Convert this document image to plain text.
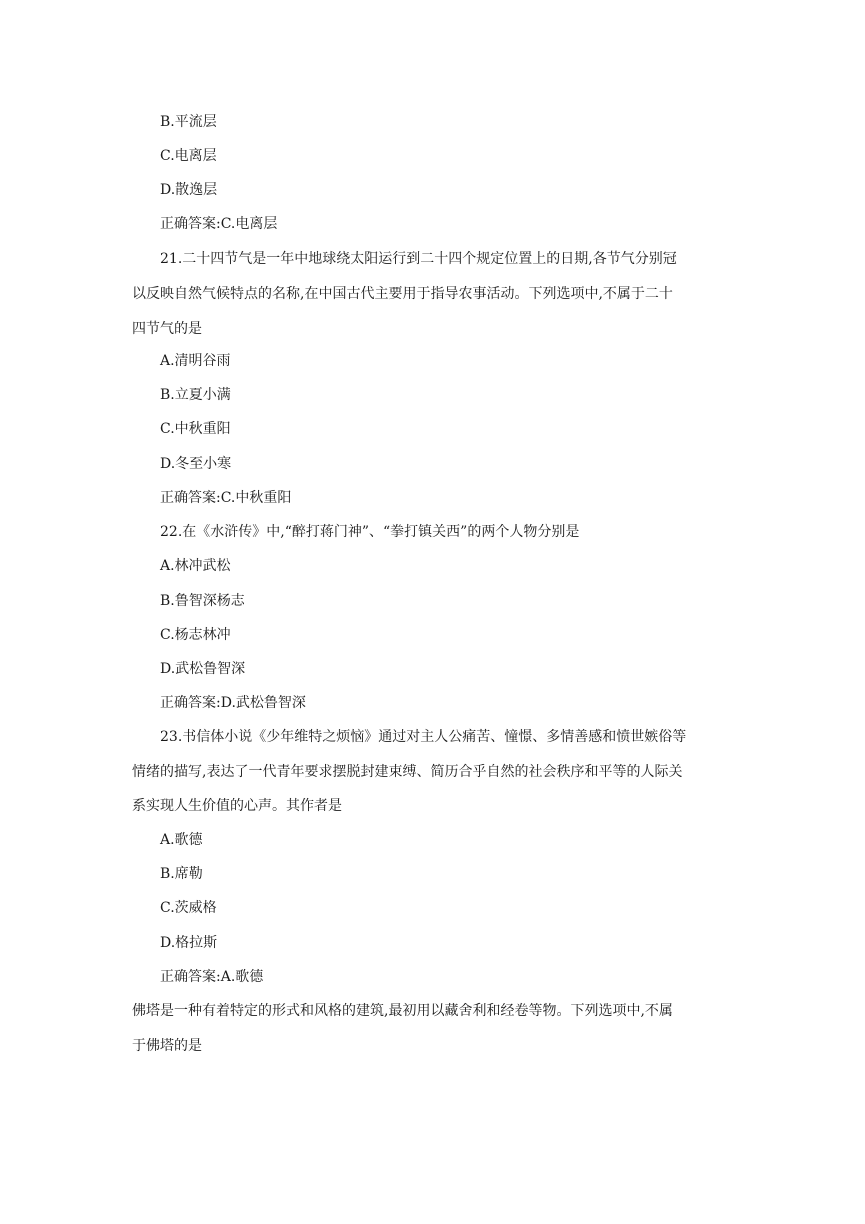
B.平流层
C.电离层
D.散逸层
正确答案:C.电离层
21.二十四节气是一年中地球绕太阳运行到二十四个规定位置上的日期,各节气分别冠
以反映自然气候特点的名称,在中国古代主要用于指导农事活动。下列选项中,不属于二十
四节气的是
A.清明谷雨
B.立夏小满
C.中秋重阳
D.冬至小寒
正确答案:C.中秋重阳
22.在《水浒传》中,“醉打蒋门神”、“拳打镇关西”的两个人物分别是
A.林冲武松
B.鲁智深杨志
C.杨志林冲
D.武松鲁智深
正确答案:D.武松鲁智深
23.书信体小说《少年维特之烦恼》通过对主人公痛苦、憧憬、多情善感和愤世嫉俗等
情绪的描写,表达了一代青年要求摆脱封建束缚、简历合乎自然的社会秩序和平等的人际关
系实现人生价值的心声。其作者是
A.歌德
B.席勒
C.茨威格
D.格拉斯
正确答案:A.歌德
佛塔是一种有着特定的形式和风格的建筑,最初用以藏舍利和经卷等物。下列选项中,不属
于佛塔的是
